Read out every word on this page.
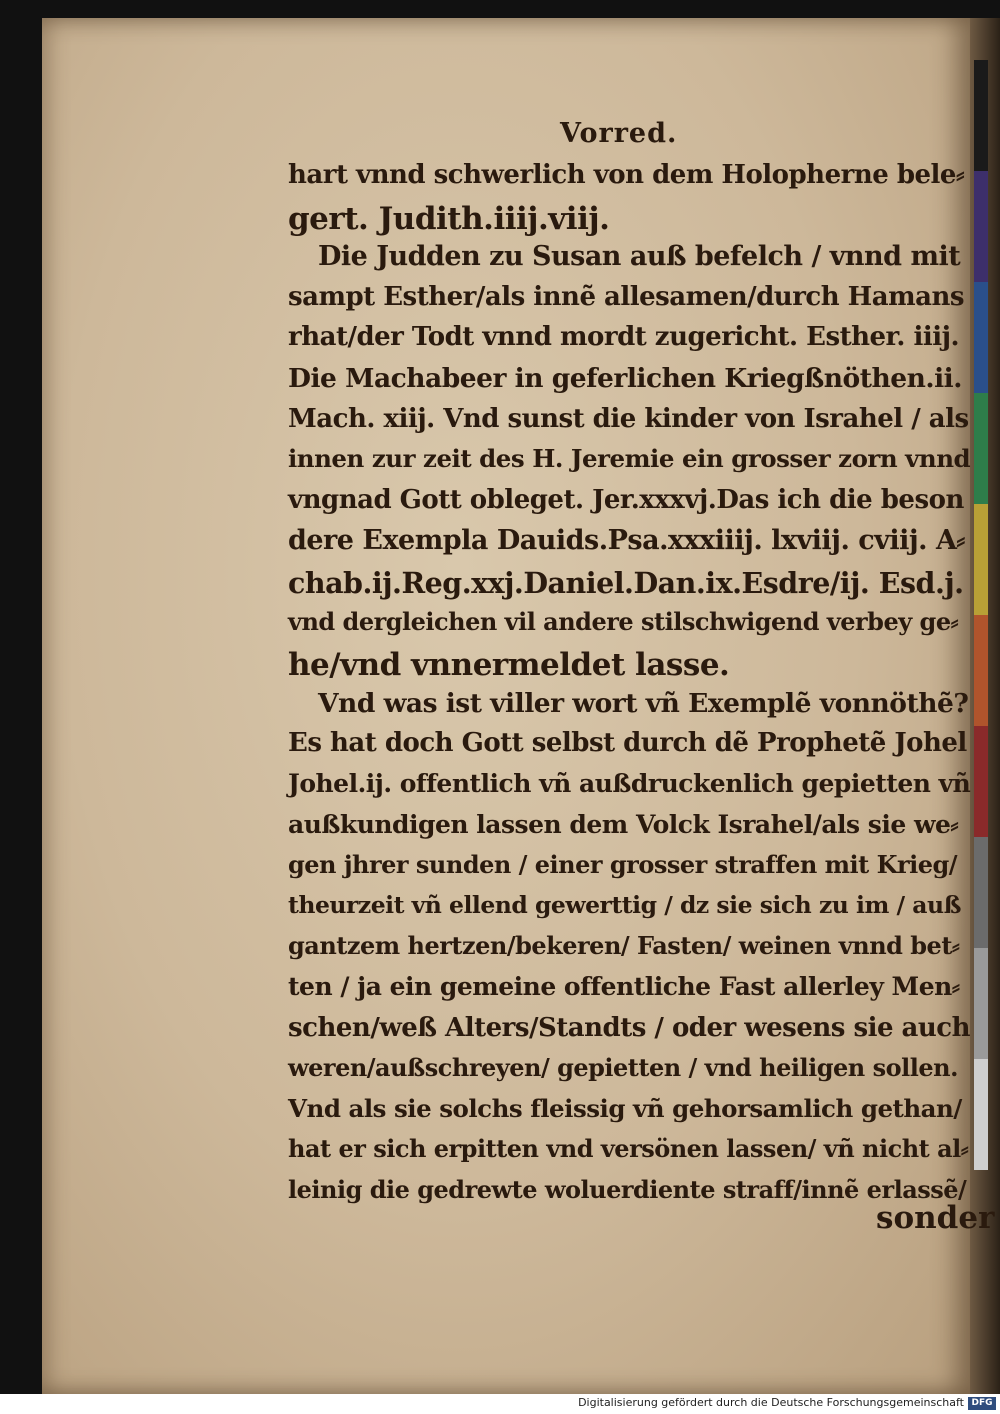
Vorred.
hart vnnd schwerlich von dem Holopherne bele⸗
gert. Judith.iiij.viij.
Die Judden zu Susan auß befelch / vnnd mit
sampt Esther/als innẽ allesamen/durch Hamans
rhat/der Todt vnnd mordt zugericht. Esther. iiij.
Die Machabeer in geferlichen Kriegßnöthen.ii.
Mach. xiij. Vnd sunst die kinder von Israhel / als
innen zur zeit des H. Jeremie ein grosser zorn vnnd
vngnad Gott obleget. Jer.xxxvj.Das ich die beson
dere Exempla Dauids.Psa.xxxiiij. lxviij. cviij. A⸗
chab.ij.Reg.xxj.Daniel.Dan.ix.Esdre/ij. Esd.j.
vnd dergleichen vil andere stilschwigend verbey ge⸗
he/vnd vnnermeldet lasse.
Vnd was ist viller wort vñ Exemplẽ vonnöthẽ?
Es hat doch Gott selbst durch dẽ Prophetẽ Johel
Johel.ij. offentlich vñ außdruckenlich gepietten vñ
außkundigen lassen dem Volck Israhel/als sie we⸗
gen jhrer sunden / einer grosser straffen mit Krieg/
theurzeit vñ ellend gewerttig / dz sie sich zu im / auß
gantzem hertzen/bekeren/ Fasten/ weinen vnnd bet⸗
ten / ja ein gemeine offentliche Fast allerley Men⸗
schen/weß Alters/Standts / oder wesens sie auch
weren/außschreyen/ gepietten / vnd heiligen sollen.
Vnd als sie solchs fleissig vñ gehorsamlich gethan/
hat er sich erpitten vnd versönen lassen/ vñ nicht al⸗
leinig die gedrewte woluerdiente straff/innẽ erlassẽ/
sonder
Digitalisierung gefördert durch die Deutsche Forschungsgemeinschaft DFG
